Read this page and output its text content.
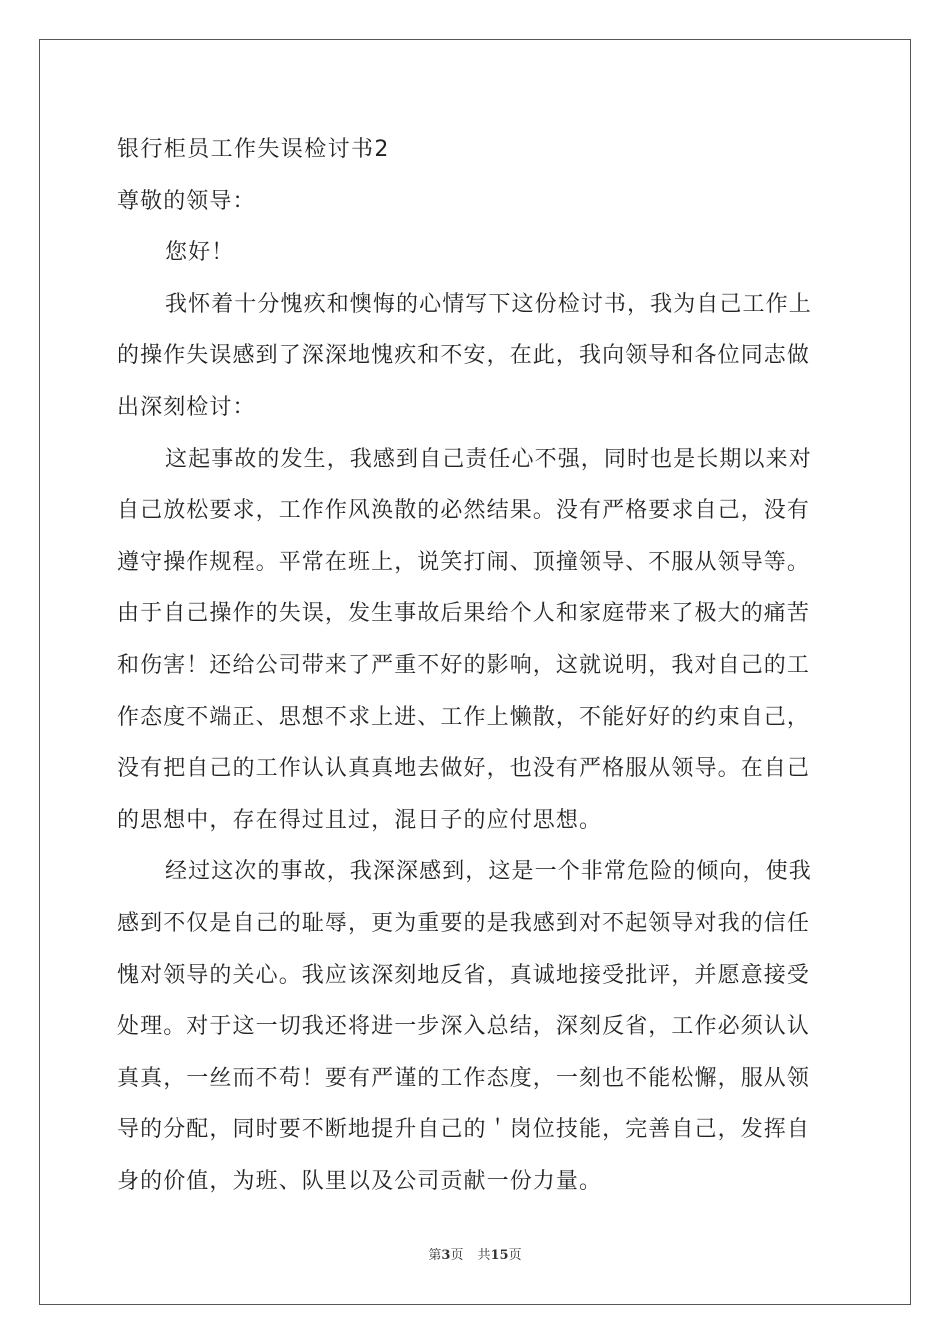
银行柜员工作失误检讨书2
尊敬的领导：
您好！
我怀着十分愧疚和懊悔的心情写下这份检讨书，我为自己工作上
的操作失误感到了深深地愧疚和不安，在此，我向领导和各位同志做
出深刻检讨：
这起事故的发生，我感到自己责任心不强，同时也是长期以来对
自己放松要求，工作作风涣散的必然结果。没有严格要求自己，没有
遵守操作规程。平常在班上，说笑打闹、顶撞领导、不服从领导等。
由于自己操作的失误，发生事故后果给个人和家庭带来了极大的痛苦
和伤害！还给公司带来了严重不好的影响，这就说明，我对自己的工
作态度不端正、思想不求上进、工作上懒散，不能好好的约束自己，
没有把自己的工作认认真真地去做好，也没有严格服从领导。在自己
的思想中，存在得过且过，混日子的应付思想。
经过这次的事故，我深深感到，这是一个非常危险的倾向，使我
感到不仅是自己的耻辱，更为重要的是我感到对不起领导对我的信任
愧对领导的关心。我应该深刻地反省，真诚地接受批评，并愿意接受
处理。对于这一切我还将进一步深入总结，深刻反省，工作必须认认
真真，一丝而不苟！要有严谨的工作态度，一刻也不能松懈，服从领
导的分配，同时要不断地提升自己的＇岗位技能，完善自己，发挥自
身的价值，为班、队里以及公司贡献一份力量。
第3页 共15页
